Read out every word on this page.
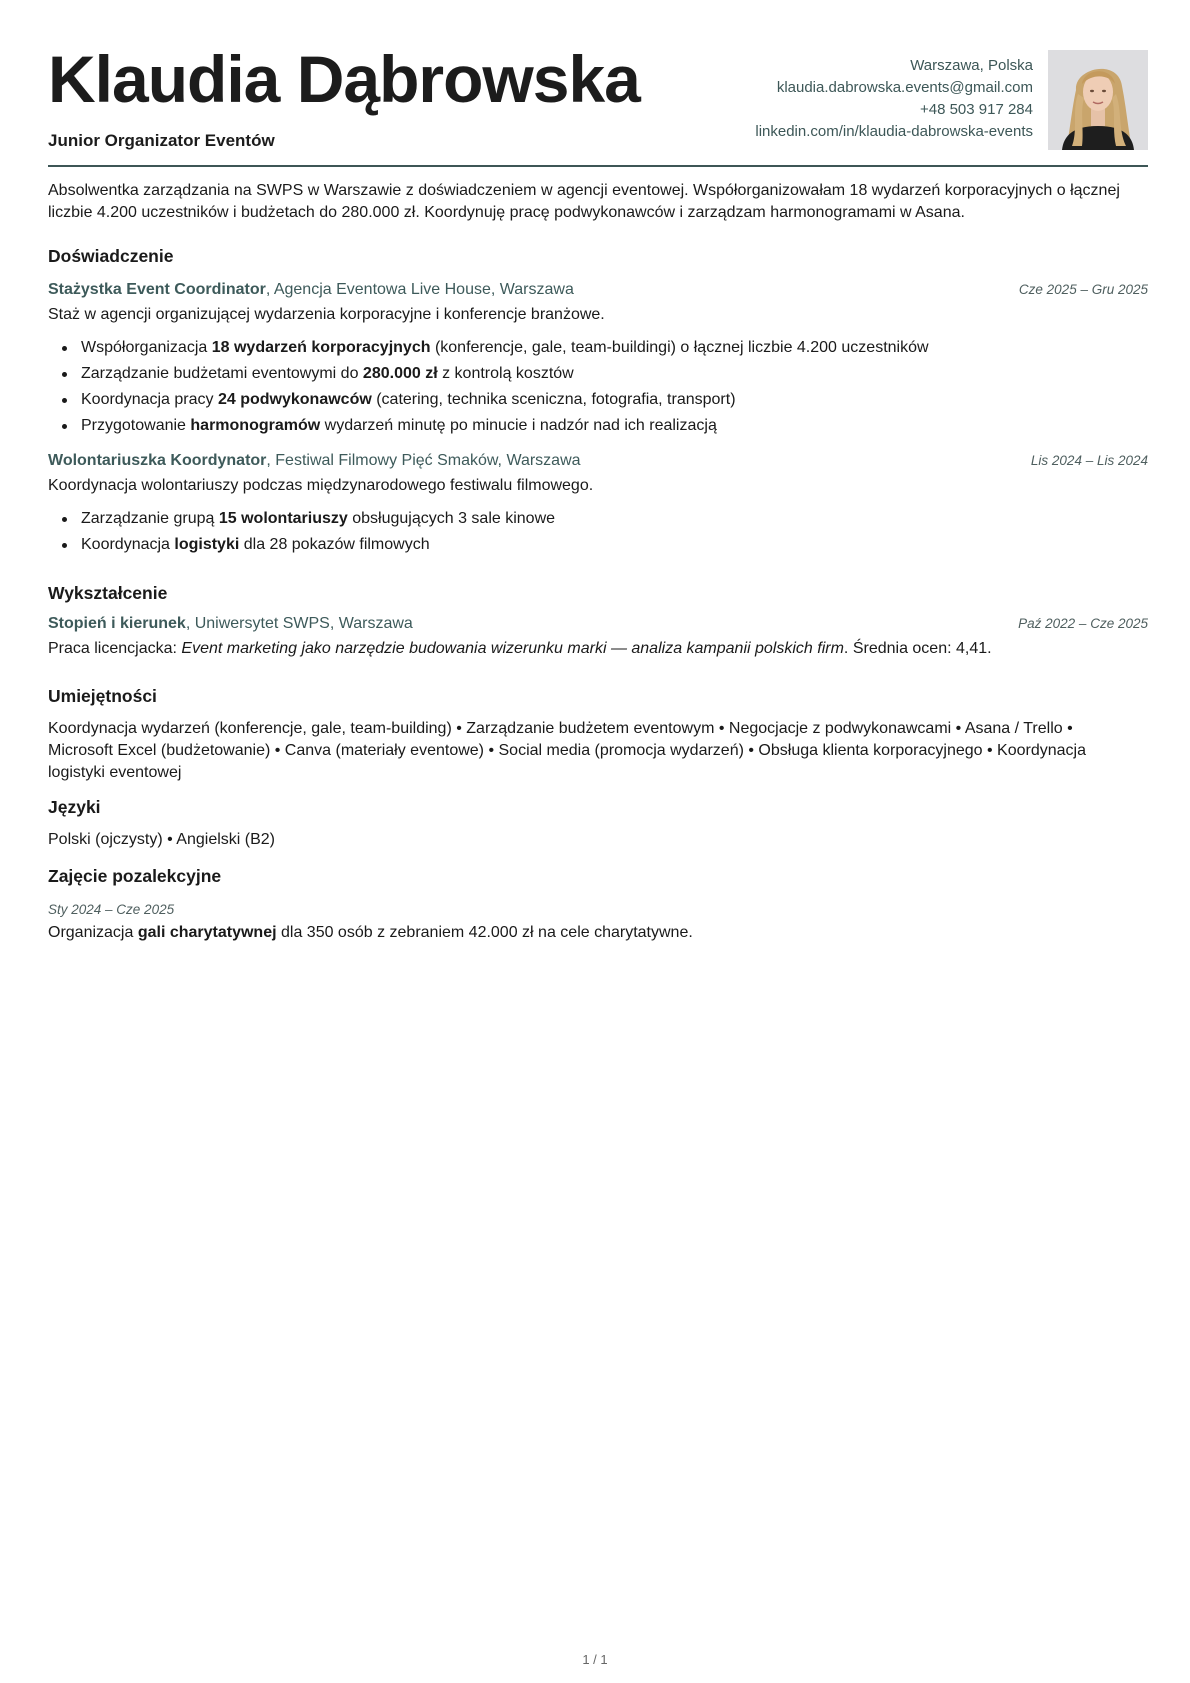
Klaudia Dąbrowska
Junior Organizator Eventów
Warszawa, Polska
klaudia.dabrowska.events@gmail.com
+48 503 917 284
linkedin.com/in/klaudia-dabrowska-events
Absolwentka zarządzania na SWPS w Warszawie z doświadczeniem w agencji eventowej. Współorganizowałam 18 wydarzeń korporacyjnych o łącznej liczbie 4.200 uczestników i budżetach do 280.000 zł. Koordynuję pracę podwykonawców i zarządzam harmonogramami w Asana.
Doświadczenie
Stażystka Event Coordinator, Agencja Eventowa Live House, Warszawa	Cze 2025 – Gru 2025
Staż w agencji organizującej wydarzenia korporacyjne i konferencje branżowe.
Współorganizacja 18 wydarzeń korporacyjnych (konferencje, gale, team-buildingi) o łącznej liczbie 4.200 uczestników
Zarządzanie budżetami eventowymi do 280.000 zł z kontrolą kosztów
Koordynacja pracy 24 podwykonawców (catering, technika sceniczna, fotografia, transport)
Przygotowanie harmonogramów wydarzeń minutę po minucie i nadzór nad ich realizacją
Wolontariuszka Koordynator, Festiwal Filmowy Pięć Smaków, Warszawa	Lis 2024 – Lis 2024
Koordynacja wolontariuszy podczas międzynarodowego festiwalu filmowego.
Zarządzanie grupą 15 wolontariuszy obsługujących 3 sale kinowe
Koordynacja logistyki dla 28 pokazów filmowych
Wykształcenie
Stopień i kierunek, Uniwersytet SWPS, Warszawa	Paź 2022 – Cze 2025
Praca licencjacka: Event marketing jako narzędzie budowania wizerunku marki — analiza kampanii polskich firm. Średnia ocen: 4,41.
Umiejętności
Koordynacja wydarzeń (konferencje, gale, team-building) • Zarządzanie budżetem eventowym • Negocjacje z podwykonawcami • Asana / Trello •
Microsoft Excel (budżetowanie) • Canva (materiały eventowe) • Social media (promocja wydarzeń) • Obsługa klienta korporacyjnego • Koordynacja
logistyki eventowej
Języki
Polski (ojczysty) • Angielski (B2)
Zajęcie pozalekcyjne
Sty 2024 – Cze 2025
Organizacja gali charytatywnej dla 350 osób z zebraniem 42.000 zł na cele charytatywne.
1 / 1
